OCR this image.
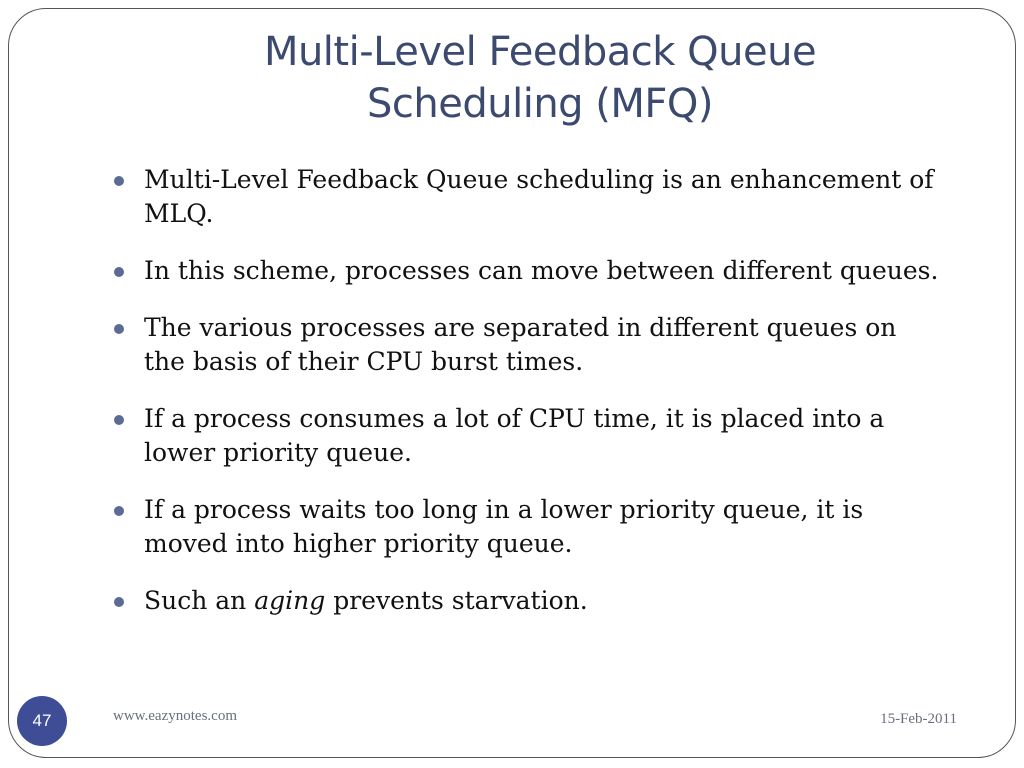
Multi-Level Feedback Queue
Scheduling (MFQ)
Multi-Level Feedback Queue scheduling is an enhancement of MLQ.
In this scheme, processes can move between different queues.
The various processes are separated in different queues on the basis of their CPU burst times.
If a process consumes a lot of CPU time, it is placed into a lower priority queue.
If a process waits too long in a lower priority queue, it is moved into higher priority queue.
Such an aging prevents starvation.
47	www.eazynotes.com	15-Feb-2011
